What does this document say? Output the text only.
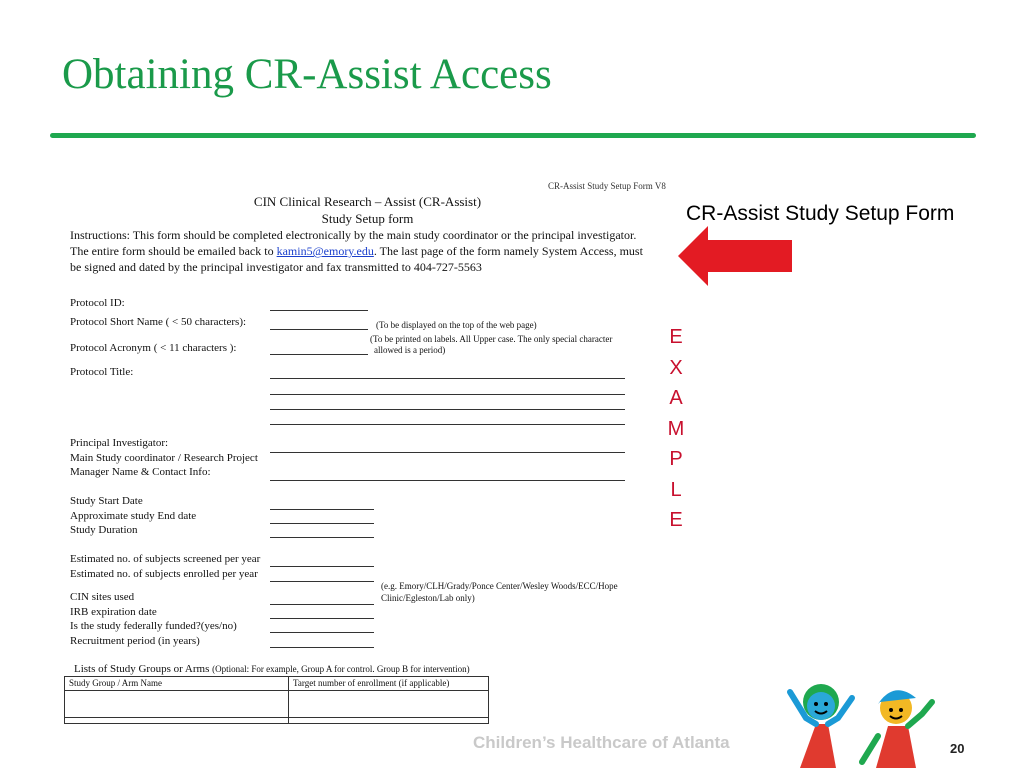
Obtaining CR-Assist Access
CR-Assist Study Setup Form V8
CIN Clinical Research – Assist (CR-Assist)
Study Setup form
Instructions: This form should be completed electronically by the main study coordinator or the principal investigator.
The entire form should be emailed back to kamin5@emory.edu. The last page of the form namely System Access, must
be signed and dated by the principal investigator and fax transmitted to 404-727-5563
Protocol ID:
Protocol Short Name ( < 50 characters):	(To be displayed on the top of the web page)
Protocol Acronym ( < 11 characters ):
(To be printed on labels. All Upper case. The only special character
allowed is a period)
Protocol Title:
Principal Investigator:
Main Study coordinator / Research Project
Manager Name & Contact Info:
Study Start Date
Approximate study End date
Study Duration
Estimated no. of subjects screened per year
Estimated no. of subjects enrolled per year
(e.g. Emory/CLH/Grady/Ponce Center/Wesley Woods/ECC/Hope
Clinic/Egleston/Lab only)
CIN sites used
IRB expiration date
Is the study federally funded?(yes/no)
Recruitment period (in years)
Lists of Study Groups or Arms (Optional: For example, Group A for control. Group B for intervention)
Study Group / Arm Name	Target number of enrollment (if applicable)

CR-Assist Study Setup Form
E
X
A
M
P
L
E
Children’s Healthcare of Atlanta	20
